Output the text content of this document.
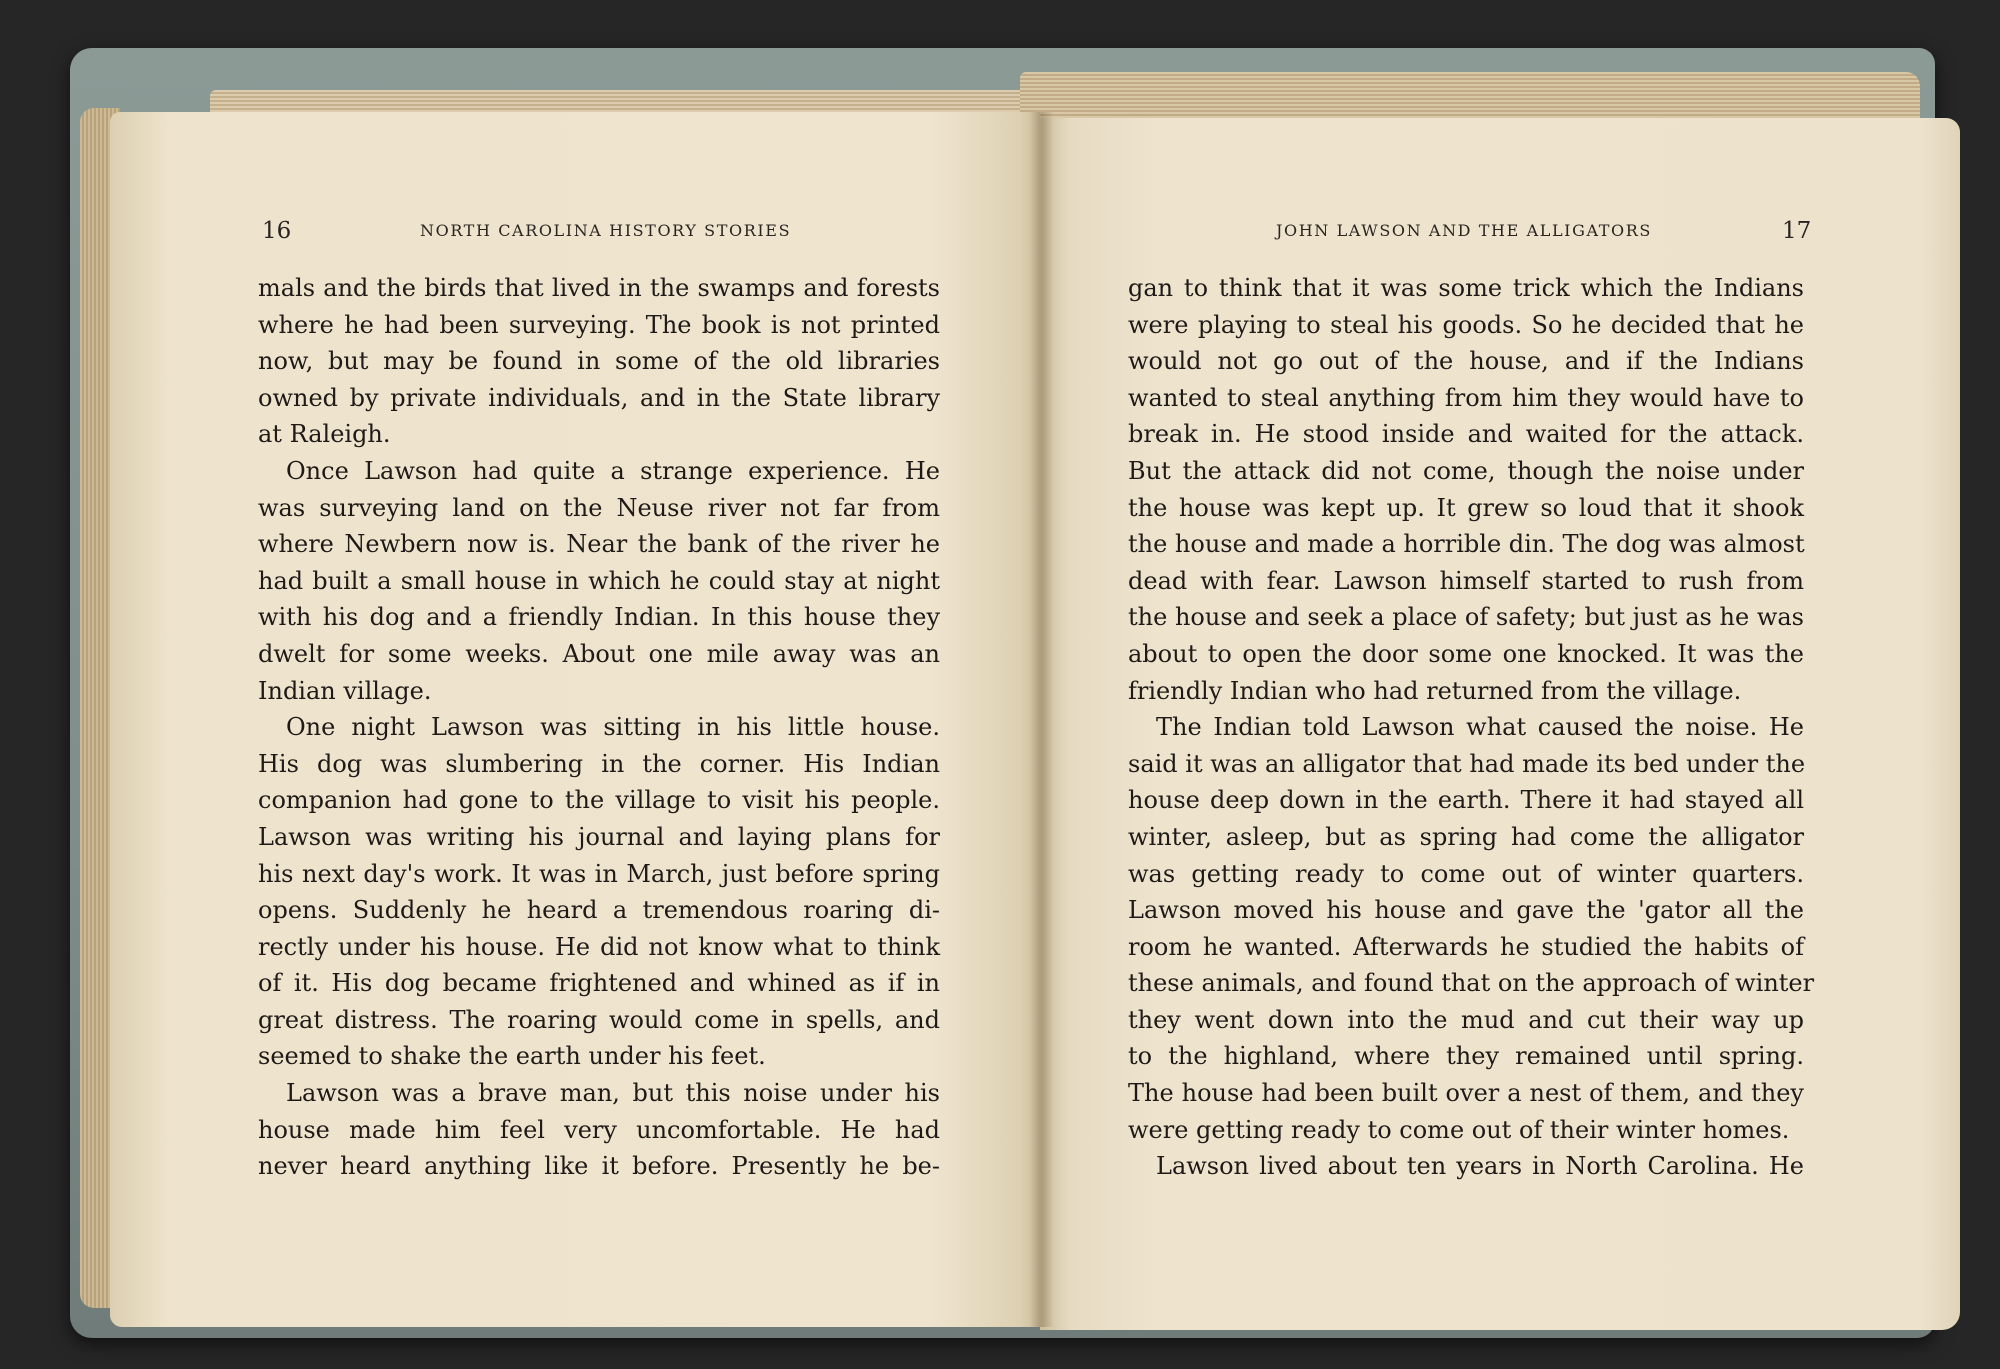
16	NORTH CAROLINA HISTORY STORIES	JOHN LAWSON AND THE ALLIGATORS	17
mals and the birds that lived in the swamps and forests
where he had been surveying. The book is not printed
now, but may be found in some of the old libraries
owned by private individuals, and in the State library
at Raleigh.
Once Lawson had quite a strange experience. He
was surveying land on the Neuse river not far from
where Newbern now is. Near the bank of the river he
had built a small house in which he could stay at night
with his dog and a friendly Indian. In this house they
dwelt for some weeks. About one mile away was an
Indian village.
One night Lawson was sitting in his little house.
His dog was slumbering in the corner. His Indian
companion had gone to the village to visit his people.
Lawson was writing his journal and laying plans for
his next day's work. It was in March, just before spring
opens. Suddenly he heard a tremendous roaring di-
rectly under his house. He did not know what to think
of it. His dog became frightened and whined as if in
great distress. The roaring would come in spells, and
seemed to shake the earth under his feet.
Lawson was a brave man, but this noise under his
house made him feel very uncomfortable. He had
never heard anything like it before. Presently he be-
gan to think that it was some trick which the Indians
were playing to steal his goods. So he decided that he
would not go out of the house, and if the Indians
wanted to steal anything from him they would have to
break in. He stood inside and waited for the attack.
But the attack did not come, though the noise under
the house was kept up. It grew so loud that it shook
the house and made a horrible din. The dog was almost
dead with fear. Lawson himself started to rush from
the house and seek a place of safety; but just as he was
about to open the door some one knocked. It was the
friendly Indian who had returned from the village.
The Indian told Lawson what caused the noise. He
said it was an alligator that had made its bed under the
house deep down in the earth. There it had stayed all
winter, asleep, but as spring had come the alligator
was getting ready to come out of winter quarters.
Lawson moved his house and gave the 'gator all the
room he wanted. Afterwards he studied the habits of
these animals, and found that on the approach of winter
they went down into the mud and cut their way up
to the highland, where they remained until spring.
The house had been built over a nest of them, and they
were getting ready to come out of their winter homes.
Lawson lived about ten years in North Carolina. He
